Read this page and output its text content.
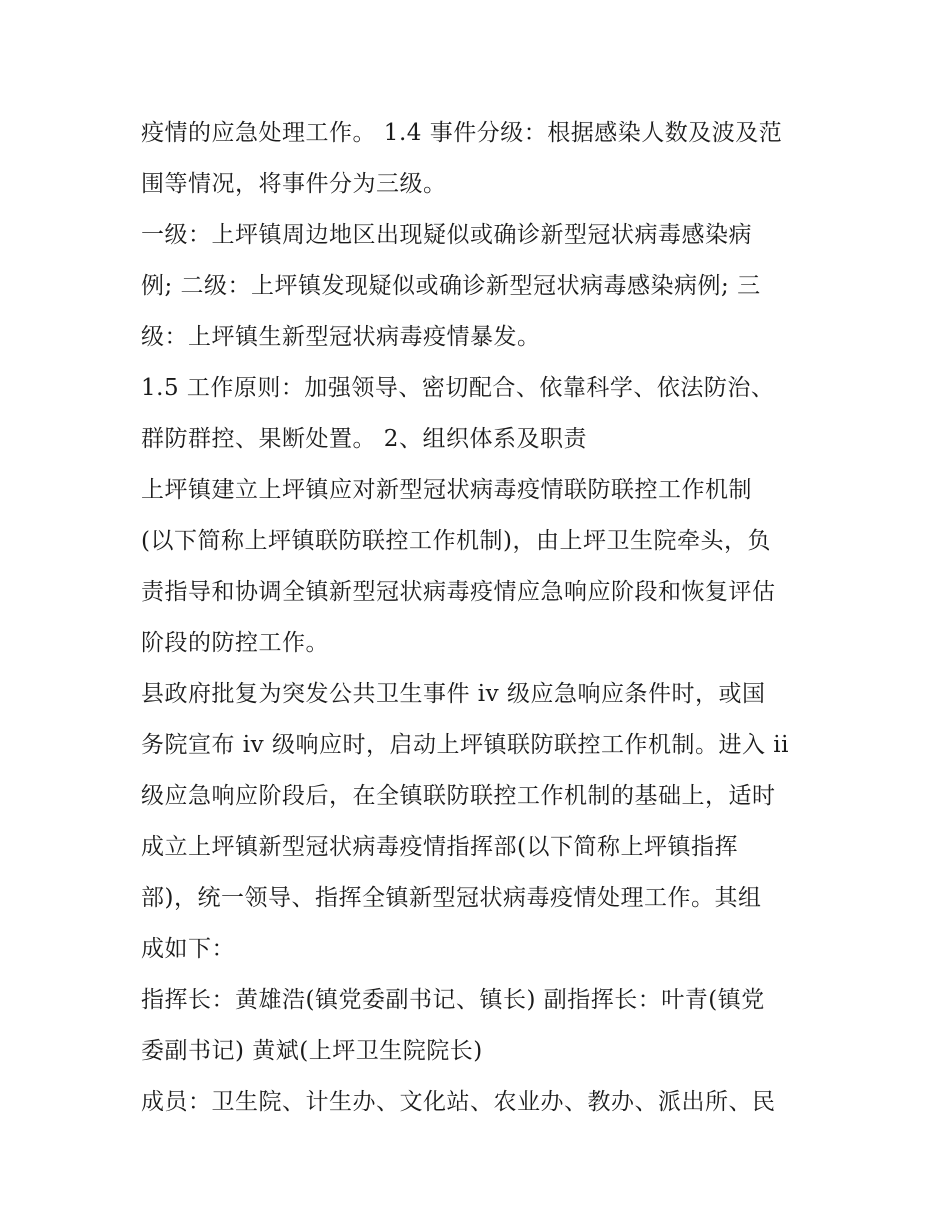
疫情的应急处理工作。 1.4 事件分级：根据感染人数及波及范
围等情况，将事件分为三级。
一级：上坪镇周边地区出现疑似或确诊新型冠状病毒感染病
例; 二级：上坪镇发现疑似或确诊新型冠状病毒感染病例; 三
级：上坪镇生新型冠状病毒疫情暴发。
1.5 工作原则：加强领导、密切配合、依靠科学、依法防治、
群防群控、果断处置。 2、组织体系及职责
上坪镇建立上坪镇应对新型冠状病毒疫情联防联控工作机制
(以下简称上坪镇联防联控工作机制)，由上坪卫生院牵头，负
责指导和协调全镇新型冠状病毒疫情应急响应阶段和恢复评估
阶段的防控工作。
县政府批复为突发公共卫生事件 iv 级应急响应条件时，或国
务院宣布 iv 级响应时，启动上坪镇联防联控工作机制。进入 ii
级应急响应阶段后，在全镇联防联控工作机制的基础上，适时
成立上坪镇新型冠状病毒疫情指挥部(以下简称上坪镇指挥
部)，统一领导、指挥全镇新型冠状病毒疫情处理工作。其组
成如下：
指挥长：黄雄浩(镇党委副书记、镇长) 副指挥长：叶青(镇党
委副书记) 黄斌(上坪卫生院院长)
成员：卫生院、计生办、文化站、农业办、教办、派出所、民
